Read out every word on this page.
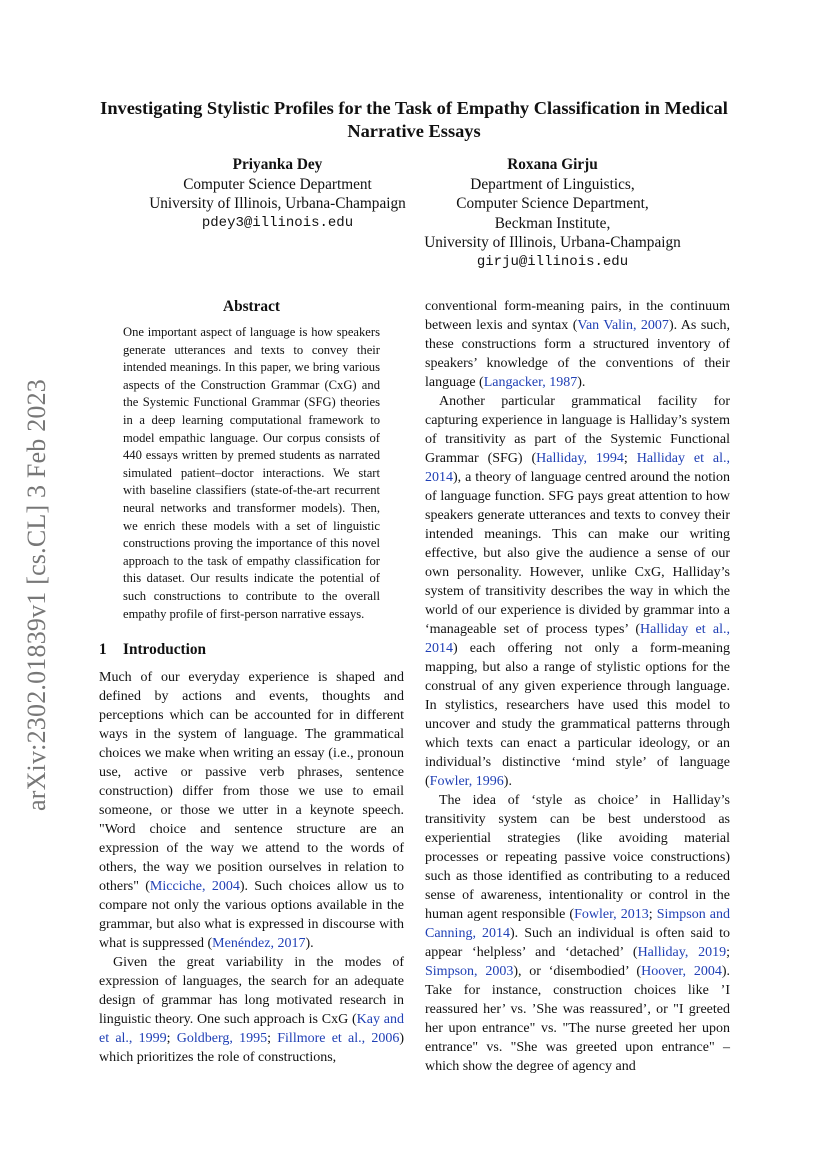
arXiv:2302.01839v1 [cs.CL] 3 Feb 2023
Investigating Stylistic Profiles for the Task of Empathy Classification in Medical Narrative Essays
Priyanka Dey
Computer Science Department
University of Illinois, Urbana-Champaign
pdey3@illinois.edu
Roxana Girju
Department of Linguistics,
Computer Science Department,
Beckman Institute,
University of Illinois, Urbana-Champaign
girju@illinois.edu
Abstract
One important aspect of language is how speakers generate utterances and texts to convey their intended meanings. In this paper, we bring various aspects of the Construction Grammar (CxG) and the Systemic Functional Grammar (SFG) theories in a deep learning computational framework to model empathic language. Our corpus consists of 440 essays written by premed students as narrated simulated patient–doctor interactions. We start with baseline classifiers (state-of-the-art recurrent neural networks and transformer models). Then, we enrich these models with a set of linguistic constructions proving the importance of this novel approach to the task of empathy classification for this dataset. Our results indicate the potential of such constructions to contribute to the overall empathy profile of first-person narrative essays.
1 Introduction

Much of our everyday experience is shaped and defined by actions and events, thoughts and perceptions which can be accounted for in different ways in the system of language. The grammatical choices we make when writing an essay (i.e., pronoun use, active or passive verb phrases, sentence construction) differ from those we use to email someone, or those we utter in a keynote speech. "Word choice and sentence structure are an expression of the way we attend to the words of others, the way we position ourselves in relation to others" (Micciche, 2004). Such choices allow us to compare not only the various options available in the grammar, but also what is expressed in discourse with what is suppressed (Menéndez, 2017).

Given the great variability in the modes of expression of languages, the search for an adequate design of grammar has long motivated research in linguistic theory. One such approach is CxG (Kay and et al., 1999; Goldberg, 1995; Fillmore et al., 2006) which prioritizes the role of constructions,

conventional form-meaning pairs, in the continuum between lexis and syntax (Van Valin, 2007). As such, these constructions form a structured inventory of speakers’ knowledge of the conventions of their language (Langacker, 1987).

Another particular grammatical facility for capturing experience in language is Halliday’s system of transitivity as part of the Systemic Functional Grammar (SFG) (Halliday, 1994; Halliday et al., 2014), a theory of language centred around the notion of language function. SFG pays great attention to how speakers generate utterances and texts to convey their intended meanings. This can make our writing effective, but also give the audience a sense of our own personality. However, unlike CxG, Halliday’s system of transitivity describes the way in which the world of our experience is divided by grammar into a ‘manageable set of process types’ (Halliday et al., 2014) each offering not only a form-meaning mapping, but also a range of stylistic options for the construal of any given experience through language. In stylistics, researchers have used this model to uncover and study the grammatical patterns through which texts can enact a particular ideology, or an individual’s distinctive ‘mind style’ of language (Fowler, 1996).

The idea of ‘style as choice’ in Halliday’s transitivity system can be best understood as experiential strategies (like avoiding material processes or repeating passive voice constructions) such as those identified as contributing to a reduced sense of awareness, intentionality or control in the human agent responsible (Fowler, 2013; Simpson and Canning, 2014). Such an individual is often said to appear ‘helpless’ and ‘detached’ (Halliday, 2019; Simpson, 2003), or ‘disembodied’ (Hoover, 2004). Take for instance, construction choices like ’I reassured her’ vs. ’She was reassured’, or "I greeted her upon entrance" vs. "The nurse greeted her upon entrance" vs. "She was greeted upon entrance" – which show the degree of agency and
